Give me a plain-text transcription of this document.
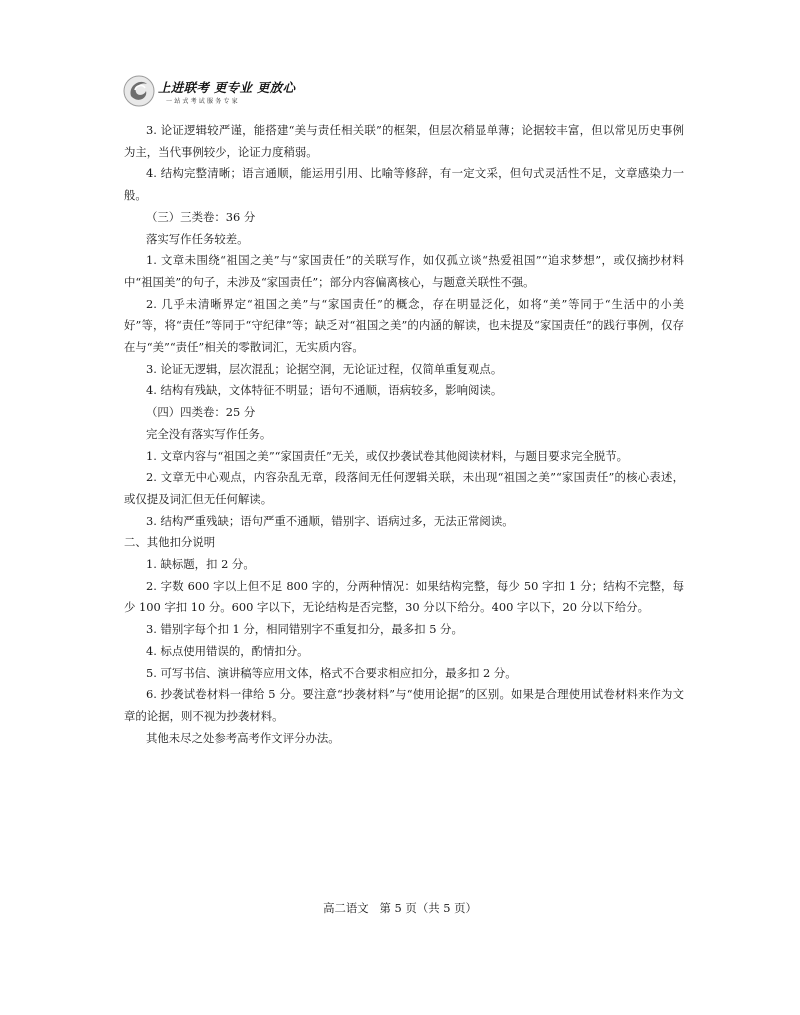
上进联考 更专业 更放心
一站式考试服务专家

3. 论证逻辑较严谨，能搭建“美与责任相关联”的框架，但层次稍显单薄；论据较丰富，但以常见历史事例为主，当代事例较少，论证力度稍弱。

4. 结构完整清晰；语言通顺，能运用引用、比喻等修辞，有一定文采，但句式灵活性不足，文章感染力一般。

（三）三类卷：36 分

落实写作任务较差。

1. 文章未围绕“祖国之美”与“家国责任”的关联写作，如仅孤立谈“热爱祖国”“追求梦想”，或仅摘抄材料中“祖国美”的句子，未涉及“家国责任”；部分内容偏离核心，与题意关联性不强。

2. 几乎未清晰界定“祖国之美”与“家国责任”的概念，存在明显泛化，如将“美”等同于“生活中的小美好”等，将“责任”等同于“守纪律”等；缺乏对“祖国之美”的内涵的解读，也未提及“家国责任”的践行事例，仅存在与“美”“责任”相关的零散词汇，无实质内容。

3. 论证无逻辑，层次混乱；论据空洞，无论证过程，仅简单重复观点。

4. 结构有残缺，文体特征不明显；语句不通顺，语病较多，影响阅读。

（四）四类卷：25 分

完全没有落实写作任务。

1. 文章内容与“祖国之美”“家国责任”无关，或仅抄袭试卷其他阅读材料，与题目要求完全脱节。

2. 文章无中心观点，内容杂乱无章，段落间无任何逻辑关联，未出现“祖国之美”“家国责任”的核心表述，或仅提及词汇但无任何解读。

3. 结构严重残缺；语句严重不通顺，错别字、语病过多，无法正常阅读。

二、其他扣分说明

1. 缺标题，扣 2 分。

2. 字数 600 字以上但不足 800 字的，分两种情况：如果结构完整，每少 50 字扣 1 分；结构不完整，每少 100 字扣 10 分。600 字以下，无论结构是否完整，30 分以下给分。400 字以下，20 分以下给分。

3. 错别字每个扣 1 分，相同错别字不重复扣分，最多扣 5 分。

4. 标点使用错误的，酌情扣分。

5. 可写书信、演讲稿等应用文体，格式不合要求相应扣分，最多扣 2 分。

6. 抄袭试卷材料一律给 5 分。要注意“抄袭材料”与“使用论据”的区别。如果是合理使用试卷材料来作为文章的论据，则不视为抄袭材料。

其他未尽之处参考高考作文评分办法。

高二语文   第 5 页（共 5 页）
